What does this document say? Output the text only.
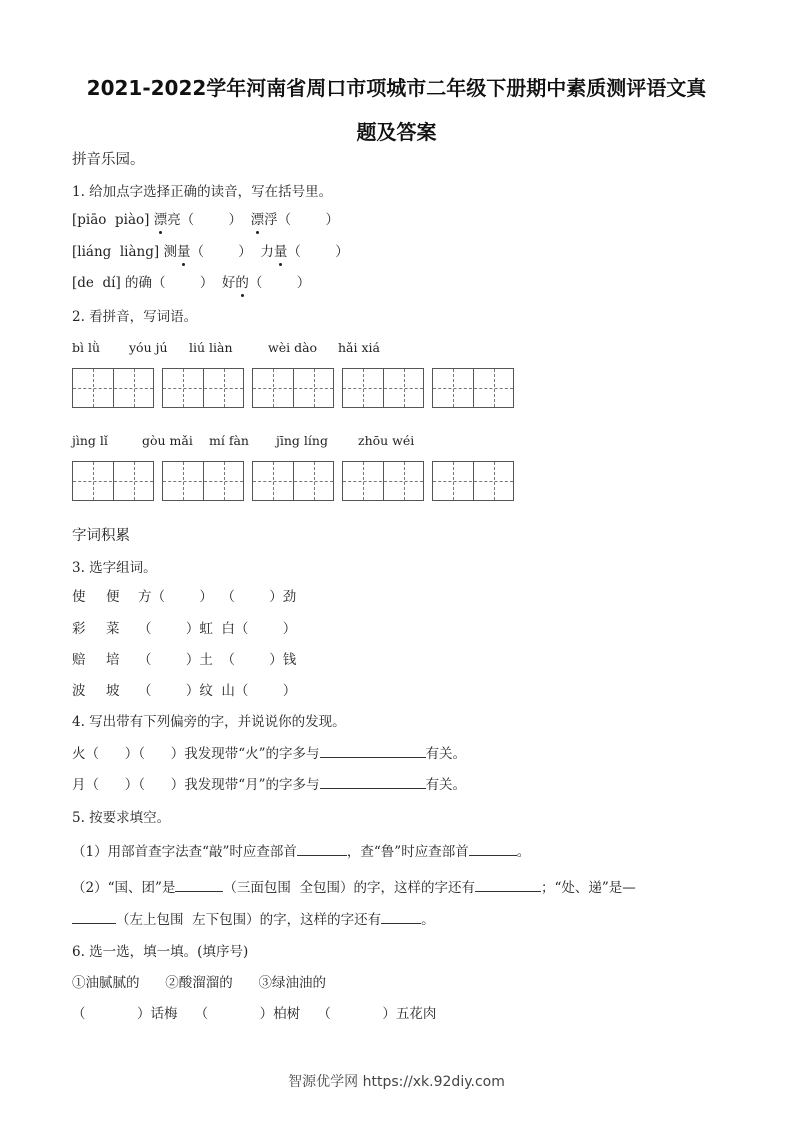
2021-2022学年河南省周口市项城市二年级下册期中素质测评语文真
题及答案
拼音乐园。
1. 给加点字选择正确的读音，写在括号里。
[piāo  piào] 漂亮（        ）  漂浮（        ）
[liáng  liàng] 测量（        ）  力量（        ）
[de  dí] 的确（        ）  好的（        ）
2. 看拼音，写词语。

bì lǜ

yóu jú

liú liàn

	wèi dào

hǎi xiá

jìng lǐ

	gòu mǎi

mí fàn

jīng líng

zhōu wéi

字词积累
3. 选字组词。
使 便 方（        ）  （        ）劲
彩 菜 （        ）虹  白（        ）
赔 培 （        ）土  （        ）钱
波 坡 （        ）纹  山（        ）
4. 写出带有下列偏旁的字，并说说你的发现。
火（      ）（      ）我发现带“火”的字多与	有关。
月（      ）（      ）我发现带“月”的字多与	有关。
5. 按要求填空。
（1）用部首查字法查“敲”时应查部首	，查“鲁”时应查部首	。
（2）“国、团”是	（三面包围  全包围）的字，这样的字还有	；“处、递”是—
（左上包围  左下包围）的字，这样的字还有	。
6. 选一选，填一填。(填序号)
①油腻腻的      ②酸溜溜的      ③绿油油的
（            ）话梅    （            ）柏树    （            ）五花肉
智源优学网 https://xk.92diy.com
